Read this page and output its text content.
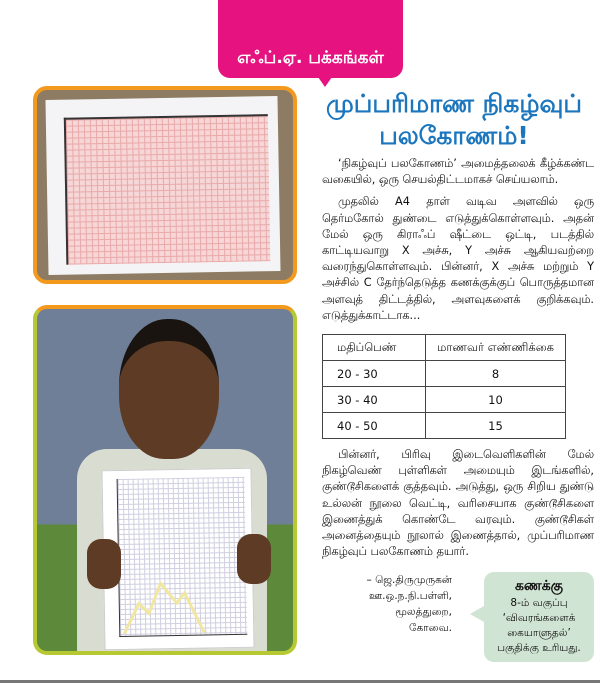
எஃப்.ஏ. பக்கங்கள்
முப்பரிமாண நிகழ்வுப்
பலகோணம்!

‘நிகழ்வுப் பலகோணம்’ அமைத்தலைக் கீழ்க்கண்ட வகையில், ஒரு செயல்திட்டமாகச் செய்யலாம்.

முதலில் A4 தாள் வடிவ அளவில் ஒரு தெர்மகோல் துண்டை எடுத்துக்கொள்ளவும். அதன் மேல் ஒரு கிராஃப் ஷீட்டை ஒட்டி, படத்தில் காட்டியவாறு X அச்சு, Y அச்சு ஆகியவற்றை வரைந்துகொள்ளவும். பின்னர், X அச்சு மற்றும் Y அச்சில் C தேர்ந்தெடுத்த கணக்குக்குப் பொருத்தமான அளவுத் திட்டத்தில், அளவுகளைக் குறிக்கவும். எடுத்துக்காட்டாக...

மதிப்பெண்	மாணவர் எண்ணிக்கை
20 - 30	8
30 - 40	10
40 - 50	15

பின்னர், பிரிவு இடைவெளிகளின் மேல் நிகழ்வெண் புள்ளிகள் அமையும் இடங்களில், குண்டூசிகளைக் குத்தவும். அடுத்து, ஒரு சிறிய துண்டு உல்லன் நூலை வெட்டி, வரிசையாக குண்டூசிகளை இணைத்துக் கொண்டே வரவும். குண்டூசிகள் அனைத்தையும் நூலால் இணைத்தால், முப்பரிமாண நிகழ்வுப் பலகோணம் தயார்.

– ஜெ.திருமுருகன்
ஊ.ஒ.ந.நி.பள்ளி,
மூலத்துறை,
கோவை.
கணக்கு
8-ம் வகுப்பு
‘விவரங்களைக்
கையாளுதல்’
பகுதிக்கு உரியது.
